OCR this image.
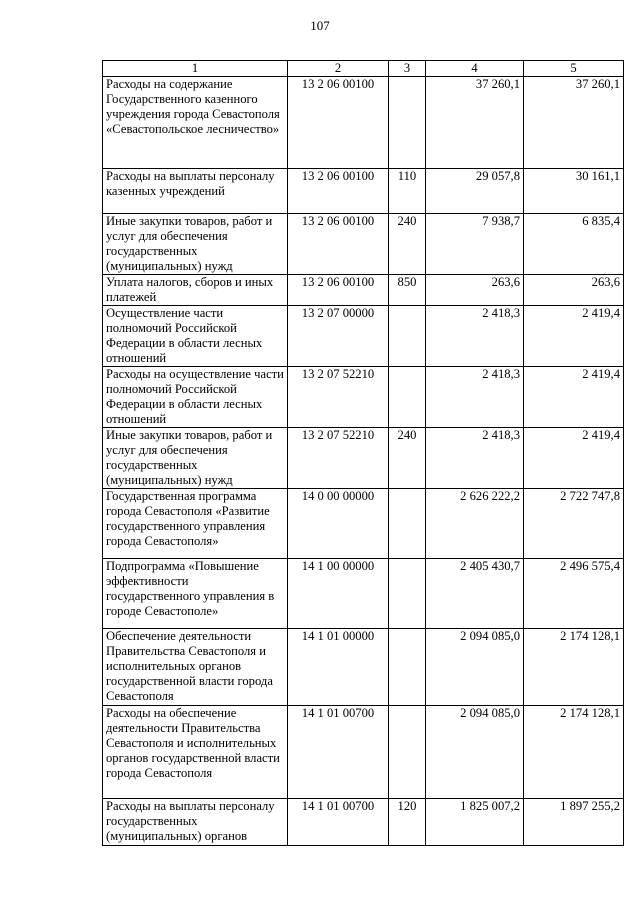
107
1	2	3	4	5
Расходы на содержание Государственного казенного учреждения города Севастополя «Севастопольское лесничество»	13 2 06 00100		37 260,1	37 260,1
Расходы на выплаты персоналу казенных учреждений	13 2 06 00100	110	29 057,8	30 161,1
Иные закупки товаров, работ и услуг для обеспечения государственных (муниципальных) нужд	13 2 06 00100	240	7 938,7	6 835,4
Уплата налогов, сборов и иных платежей	13 2 06 00100	850	263,6	263,6
Осуществление части полномочий Российской Федерации в области лесных отношений	13 2 07 00000		2 418,3	2 419,4
Расходы на осуществление части полномочий Российской Федерации в области лесных отношений	13 2 07 52210		2 418,3	2 419,4
Иные закупки товаров, работ и услуг для обеспечения государственных (муниципальных) нужд	13 2 07 52210	240	2 418,3	2 419,4
Государственная программа города Севастополя «Развитие государственного управления города Севастополя»	14 0 00 00000		2 626 222,2	2 722 747,8
Подпрограмма «Повышение эффективности государственного управления в городе Севастополе»	14 1 00 00000		2 405 430,7	2 496 575,4
Обеспечение деятельности Правительства Севастополя и исполнительных органов государственной власти города Севастополя	14 1 01 00000		2 094 085,0	2 174 128,1
Расходы на обеспечение деятельности Правительства Севастополя и исполнительных органов государственной власти города Севастополя	14 1 01 00700		2 094 085,0	2 174 128,1
Расходы на выплаты персоналу государственных (муниципальных) органов	14 1 01 00700	120	1 825 007,2	1 897 255,2
